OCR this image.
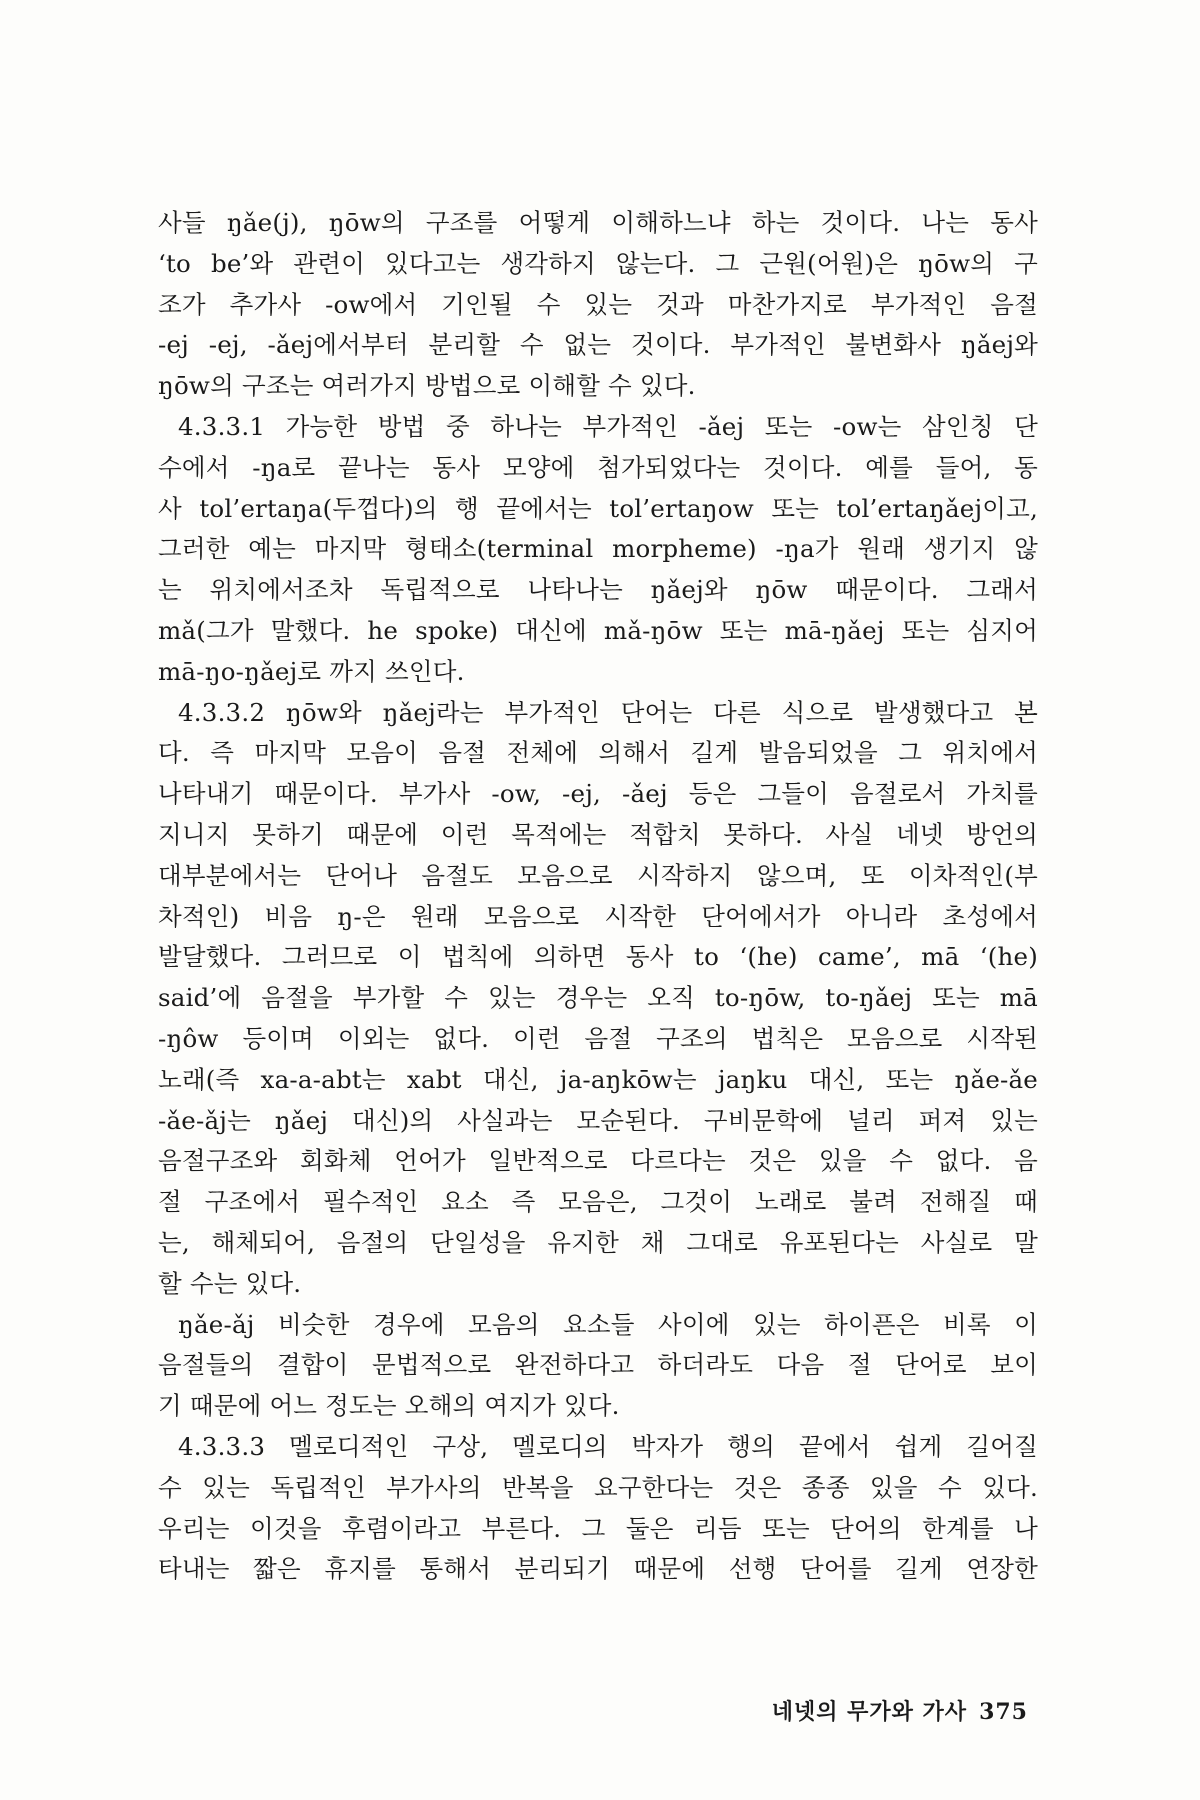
사들 ŋǎe(j), ŋōw의 구조를 어떻게 이해하느냐 하는 것이다. 나는 동사
‘to be’와 관련이 있다고는 생각하지 않는다. 그 근원(어원)은 ŋōw의 구
조가 추가사 -ow에서 기인될 수 있는 것과 마찬가지로 부가적인 음절
-ej -ej, -ǎej에서부터 분리할 수 없는 것이다. 부가적인 불변화사 ŋǎej와
ŋōw의 구조는 여러가지 방법으로 이해할 수 있다.
4.3.3.1 가능한 방법 중 하나는 부가적인 -ǎej 또는 -ow는 삼인칭 단
수에서 -ŋa로 끝나는 동사 모양에 첨가되었다는 것이다. 예를 들어, 동
사 tol’ertaŋa(두껍다)의 행 끝에서는 tol’ertaŋow 또는 tol’ertaŋǎej이고,
그러한 예는 마지막 형태소(terminal morpheme) -ŋa가 원래 생기지 않
는 위치에서조차 독립적으로 나타나는 ŋǎej와 ŋōw 때문이다. 그래서
mǎ(그가 말했다. he spoke) 대신에 mǎ-ŋōw 또는 mā-ŋǎej 또는 심지어
mā-ŋo-ŋǎej로 까지 쓰인다.
4.3.3.2 ŋōw와 ŋǎej라는 부가적인 단어는 다른 식으로 발생했다고 본
다. 즉 마지막 모음이 음절 전체에 의해서 길게 발음되었을 그 위치에서
나타내기 때문이다. 부가사 -ow, -ej, -ǎej 등은 그들이 음절로서 가치를
지니지 못하기 때문에 이런 목적에는 적합치 못하다. 사실 네넷 방언의
대부분에서는 단어나 음절도 모음으로 시작하지 않으며, 또 이차적인(부
차적인) 비음 ŋ-은 원래 모음으로 시작한 단어에서가 아니라 초성에서
발달했다. 그러므로 이 법칙에 의하면 동사 to ‘(he) came’, mā ‘(he)
said’에 음절을 부가할 수 있는 경우는 오직 to-ŋōw, to-ŋǎej 또는 mā
-ŋôw 등이며 이외는 없다. 이런 음절 구조의 법칙은 모음으로 시작된
노래(즉 xa-a-abt는 xabt 대신, ja-aŋkōw는 jaŋku 대신, 또는 ŋǎe-ǎe
-ǎe-ǎj는 ŋǎej 대신)의 사실과는 모순된다. 구비문학에 널리 퍼져 있는
음절구조와 회화체 언어가 일반적으로 다르다는 것은 있을 수 없다. 음
절 구조에서 필수적인 요소 즉 모음은, 그것이 노래로 불려 전해질 때
는, 해체되어, 음절의 단일성을 유지한 채 그대로 유포된다는 사실로 말
할 수는 있다.
ŋǎe-ǎj 비슷한 경우에 모음의 요소들 사이에 있는 하이픈은 비록 이
음절들의 결합이 문법적으로 완전하다고 하더라도 다음 절 단어로 보이
기 때문에 어느 정도는 오해의 여지가 있다.
4.3.3.3 멜로디적인 구상, 멜로디의 박자가 행의 끝에서 쉽게 길어질
수 있는 독립적인 부가사의 반복을 요구한다는 것은 종종 있을 수 있다.
우리는 이것을 후렴이라고 부른다. 그 둘은 리듬 또는 단어의 한계를 나
타내는 짧은 휴지를 통해서 분리되기 때문에 선행 단어를 길게 연장한
네넷의 무가와 가사 375
